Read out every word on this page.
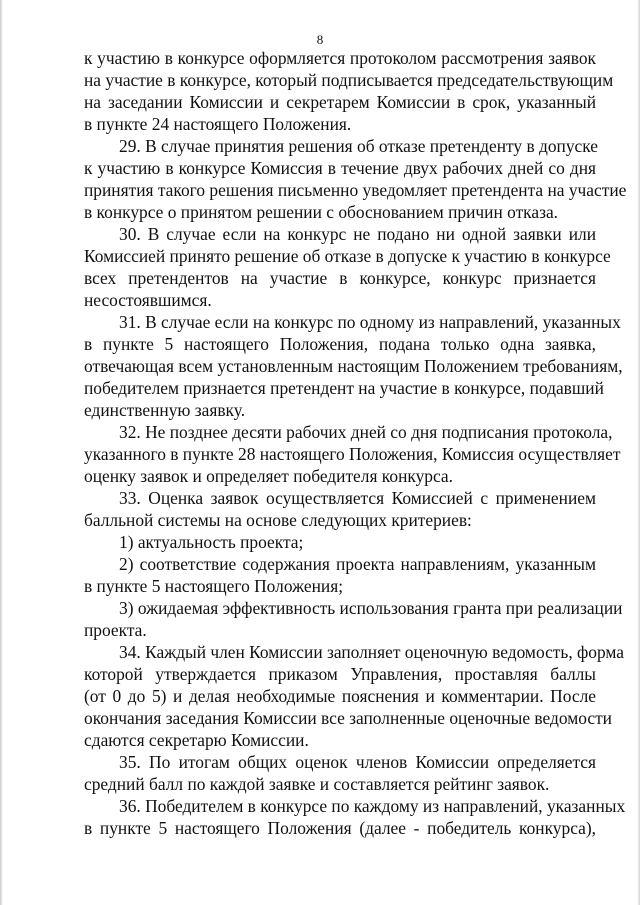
8
к участию в конкурсе оформляется протоколом рассмотрения заявок
на участие в конкурсе, который подписывается председательствующим
на заседании Комиссии и секретарем Комиссии в срок, указанный
в пункте 24 настоящего Положения.
29. В случае принятия решения об отказе претенденту в допуске
к участию в конкурсе Комиссия в течение двух рабочих дней со дня
принятия такого решения письменно уведомляет претендента на участие
в конкурсе о принятом решении с обоснованием причин отказа.
30. В случае если на конкурс не подано ни одной заявки или
Комиссией принято решение об отказе в допуске к участию в конкурсе
всех претендентов на участие в конкурсе, конкурс признается
несостоявшимся.
31. В случае если на конкурс по одному из направлений, указанных
в пункте 5 настоящего Положения, подана только одна заявка,
отвечающая всем установленным настоящим Положением требованиям,
победителем признается претендент на участие в конкурсе, подавший
единственную заявку.
32. Не позднее десяти рабочих дней со дня подписания протокола,
указанного в пункте 28 настоящего Положения, Комиссия осуществляет
оценку заявок и определяет победителя конкурса.
33. Оценка заявок осуществляется Комиссией с применением
балльной системы на основе следующих критериев:
1) актуальность проекта;
2) соответствие содержания проекта направлениям, указанным
в пункте 5 настоящего Положения;
3) ожидаемая эффективность использования гранта при реализации
проекта.
34. Каждый член Комиссии заполняет оценочную ведомость, форма
которой утверждается приказом Управления, проставляя баллы
(от 0 до 5) и делая необходимые пояснения и комментарии. После
окончания заседания Комиссии все заполненные оценочные ведомости
сдаются секретарю Комиссии.
35. По итогам общих оценок членов Комиссии определяется
средний балл по каждой заявке и составляется рейтинг заявок.
36. Победителем в конкурсе по каждому из направлений, указанных
в пункте 5 настоящего Положения (далее - победитель конкурса),
